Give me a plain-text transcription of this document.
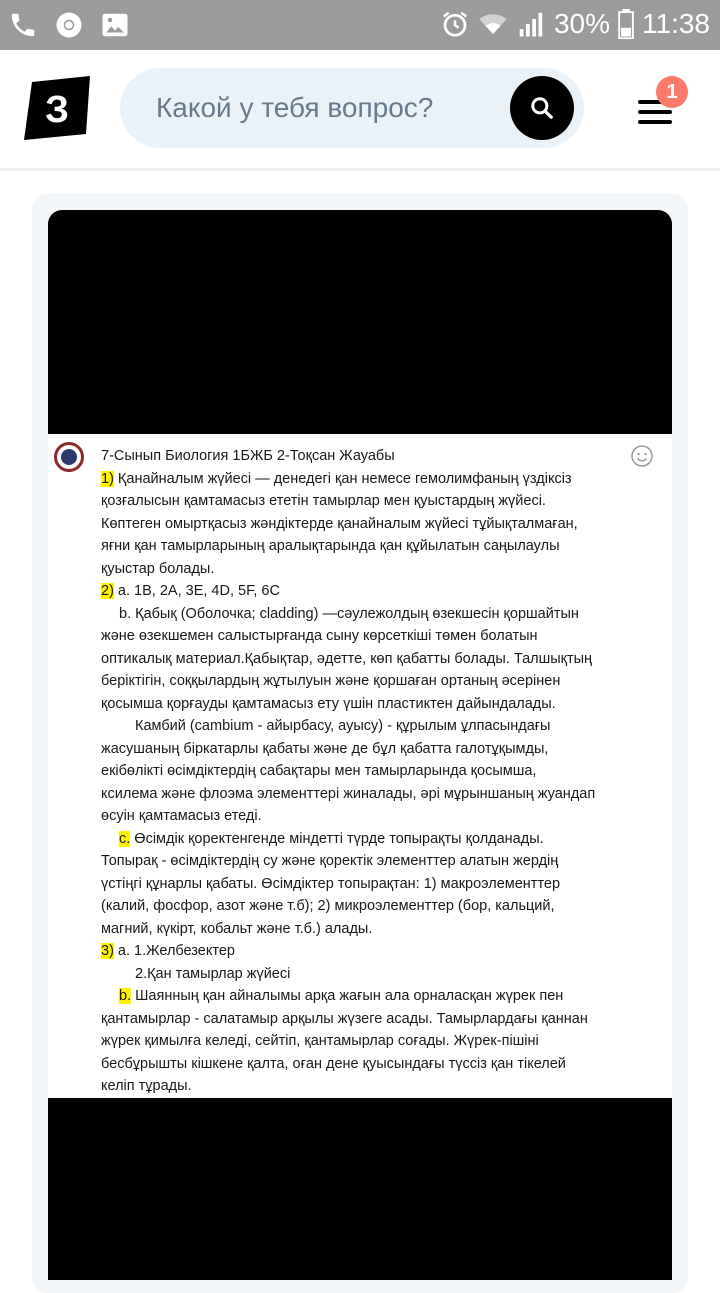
30% 11:38
З
Какой у тебя вопрос?	1
7-Сынып Биология 1БЖБ 2-Тоқсан Жауабы
1) Қанайналым жүйесі — денедегі қан немесе гемолимфаның үздіксіз
қозғалысын қамтамасыз ететін тамырлар мен қуыстардың жүйесі.
Көптеген омыртқасыз жәндіктерде қанайналым жүйесі тұйықталмаған,
яғни қан тамырларының аралықтарында қан құйылатын саңылаулы
қуыстар болады.
2) a. 1B, 2A, 3E, 4D, 5F, 6C
b. Қабық (Оболочка; cladding) —сәулежолдың өзекшесін қоршайтын
және өзекшемен салыстырғанда сыну көрсеткіші төмен болатын
оптикалық материал.Қабықтар, әдетте, көп қабатты болады. Талшықтың
беріктігін, соққылардың жұтылуын және қоршаған ортаның әсерінен
қосымша қорғауды қамтамасыз ету үшін пластиктен дайындалады.
Камбий (cambium - айырбасу, ауысу) - құрылым ұлпасындағы
жасушаның біркатарлы қабаты және де бұл қабатта галотұқымды,
екібөлікті өсімдіктердің сабақтары мен тамырларында қосымша,
ксилема және флоэма элементтері жиналады, әрі мұрыншаның жуандап
өсуін қамтамасыз етеді.
c. Өсімдік қоректенгенде міндетті түрде топырақты қолданады.
Топырақ - өсімдіктердің су және қоректік элементтер алатын жердің
үстіңгі құнарлы қабаты. Өсімдіктер топырақтан: 1) макроэлементтер
(калий, фосфор, азот және т.б); 2) микроэлементтер (бор, кальций,
магний, күкірт, кобальт және т.б.) алады.
3) a. 1.Желбезектер
2.Қан тамырлар жүйесі
b. Шаянның қан айналымы арқа жағын ала орналасқан жүрек пен
қантамырлар - салатамыр арқылы жүзеге асады. Тамырлардағы қаннан
жүрек қимылға келеді, сейтіп, қантамырлар соғады. Жүрек-пішіні
бесбұрышты кішкене қалта, оған дене қуысындағы түссіз қан тікелей
келіп тұрады.
